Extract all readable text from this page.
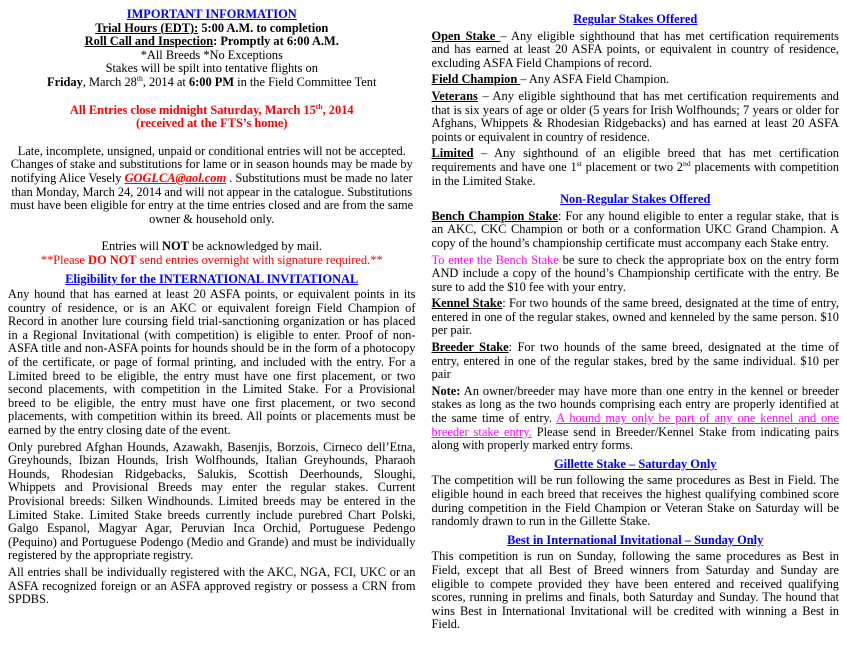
IMPORTANT INFORMATION
Trial Hours (EDT): 5:00 A.M. to completion
Roll Call and Inspection: Promptly at 6:00 A.M.
*All Breeds *No Exceptions
Stakes will be spilt into tentative flights on
Friday, March 28th, 2014 at 6:00 PM in the Field Committee Tent
All Entries close midnight Saturday, March 15th, 2014
(received at the FTS’s home)
Late, incomplete, unsigned, unpaid or conditional entries will not be accepted. Changes of stake and substitutions for lame or in season hounds may be made by notifying Alice Vesely GOGLCA@aol.com . Substitutions must be made no later than Monday, March 24, 2014 and will not appear in the catalogue. Substitutions must have been eligible for entry at the time entries closed and are from the same owner & household only.
Entries will NOT be acknowledged by mail.
**Please DO NOT send entries overnight with signature required.**
Eligibility for the INTERNATIONAL INVITATIONAL
Any hound that has earned at least 20 ASFA points, or equivalent points in its country of residence, or is an AKC or equivalent foreign Field Champion of Record in another lure coursing field trial-sanctioning organization or has placed in a Regional Invitational (with competition) is eligible to enter. Proof of non-ASFA title and non-ASFA points for hounds should be in the form of a photocopy of the certificate, or page of formal printing, and included with the entry. For a Limited breed to be eligible, the entry must have one first placement, or two second placements, with competition in the Limited Stake. For a Provisional breed to be eligible, the entry must have one first placement, or two second placements, with competition within its breed. All points or placements must be earned by the entry closing date of the event.
Only purebred Afghan Hounds, Azawakh, Basenjis, Borzois, Cirneco dell’Etna, Greyhounds, Ibizan Hounds, Irish Wolfhounds, Italian Greyhounds, Pharaoh Hounds, Rhodesian Ridgebacks, Salukis, Scottish Deerhounds, Sloughi, Whippets and Provisional Breeds may enter the regular stakes. Current Provisional breeds: Silken Windhounds. Limited breeds may be entered in the Limited Stake. Limited Stake breeds currently include purebred Chart Polski, Galgo Espanol, Magyar Agar, Peruvian Inca Orchid, Portuguese Pedengo (Pequino) and Portuguese Podengo (Medio and Grande) and must be individually registered by the appropriate registry.
All entries shall be individually registered with the AKC, NGA, FCI, UKC or an ASFA recognized foreign or an ASFA approved registry or possess a CRN from SPDBS.
Regular Stakes Offered
Open Stake – Any eligible sighthound that has met certification requirements and has earned at least 20 ASFA points, or equivalent in country of residence, excluding ASFA Field Champions of record.
Field Champion – Any ASFA Field Champion.
Veterans – Any eligible sighthound that has met certification requirements and that is six years of age or older (5 years for Irish Wolfhounds; 7 years or older for Afghans, Whippets & Rhodesian Ridgebacks) and has earned at least 20 ASFA points or equivalent in country of residence.
Limited – Any sighthound of an eligible breed that has met certification requirements and have one 1st placement or two 2nd placements with competition in the Limited Stake.
Non-Regular Stakes Offered
Bench Champion Stake: For any hound eligible to enter a regular stake, that is an AKC, CKC Champion or both or a conformation UKC Grand Champion. A copy of the hound’s championship certificate must accompany each Stake entry.
To enter the Bench Stake be sure to check the appropriate box on the entry form AND include a copy of the hound’s Championship certificate with the entry. Be sure to add the $10 fee with your entry.
Kennel Stake: For two hounds of the same breed, designated at the time of entry, entered in one of the regular stakes, owned and kenneled by the same person. $10 per pair.
Breeder Stake: For two hounds of the same breed, designated at the time of entry, entered in one of the regular stakes, bred by the same individual. $10 per pair
Note: An owner/breeder may have more than one entry in the kennel or breeder stakes as long as the two hounds comprising each entry are properly identified at the same time of entry. A hound may only be part of any one kennel and one breeder stake entry. Please send in Breeder/Kennel Stake from indicating pairs along with properly marked entry forms.
Gillette Stake – Saturday Only
The competition will be run following the same procedures as Best in Field. The eligible hound in each breed that receives the highest qualifying combined score during competition in the Field Champion or Veteran Stake on Saturday will be randomly drawn to run in the Gillette Stake.
Best in International Invitational – Sunday Only
This competition is run on Sunday, following the same procedures as Best in Field, except that all Best of Breed winners from Saturday and Sunday are eligible to compete provided they have been entered and received qualifying scores, running in prelims and finals, both Saturday and Sunday. The hound that wins Best in International Invitational will be credited with winning a Best in Field.
